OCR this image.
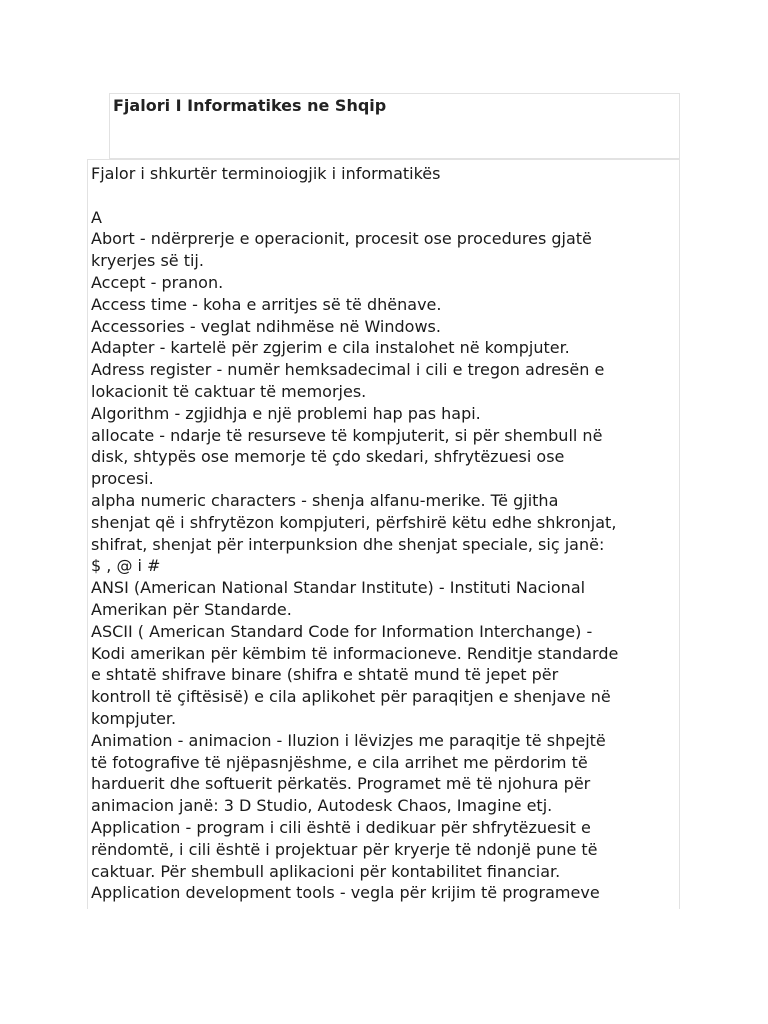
Fjalori I Informatikes ne Shqip
Fjalor i shkurtër terminoiogjik i informatikës
A
Abort - ndërprerje e operacionit, procesit ose procedures gjatë
kryerjes së tij.
Accept - pranon.
Access time - koha e arritjes së të dhënave.
Accessories - veglat ndihmëse në Windows.
Adapter - kartelë për zgjerim e cila instalohet në kompjuter.
Adress register - numër hemksadecimal i cili e tregon adresën e
lokacionit të caktuar të memorjes.
Algorithm - zgjidhja e një problemi hap pas hapi.
allocate - ndarje të resurseve të kompjuterit, si për shembull në
disk, shtypës ose memorje të çdo skedari, shfrytëzuesi ose
procesi.
alpha numeric characters - shenja alfanu-merike. Të gjitha
shenjat që i shfrytëzon kompjuteri, përfshirë këtu edhe shkronjat,
shifrat, shenjat për interpunksion dhe shenjat speciale, siç janë:
$ , @ i #
ANSI (American National Standar Institute) - Instituti Nacional
Amerikan për Standarde.
ASCII ( American Standard Code for Information Interchange) -
Kodi amerikan për këmbim të informacioneve. Renditje standarde
e shtatë shifrave binare (shifra e shtatë mund të jepet për
kontroll të çiftësisë) e cila aplikohet për paraqitjen e shenjave në
kompjuter.
Animation - animacion - Iluzion i lëvizjes me paraqitje të shpejtë
të fotografive të njëpasnjëshme, e cila arrihet me përdorim të
harduerit dhe softuerit përkatës. Programet më të njohura për
animacion janë: 3 D Studio, Autodesk Chaos, Imagine etj.
Application - program i cili është i dedikuar për shfrytëzuesit e
rëndomtë, i cili është i projektuar për kryerje të ndonjë pune të
caktuar. Për shembull aplikacioni për kontabilitet financiar.
Application development tools - vegla për krijim të programeve
